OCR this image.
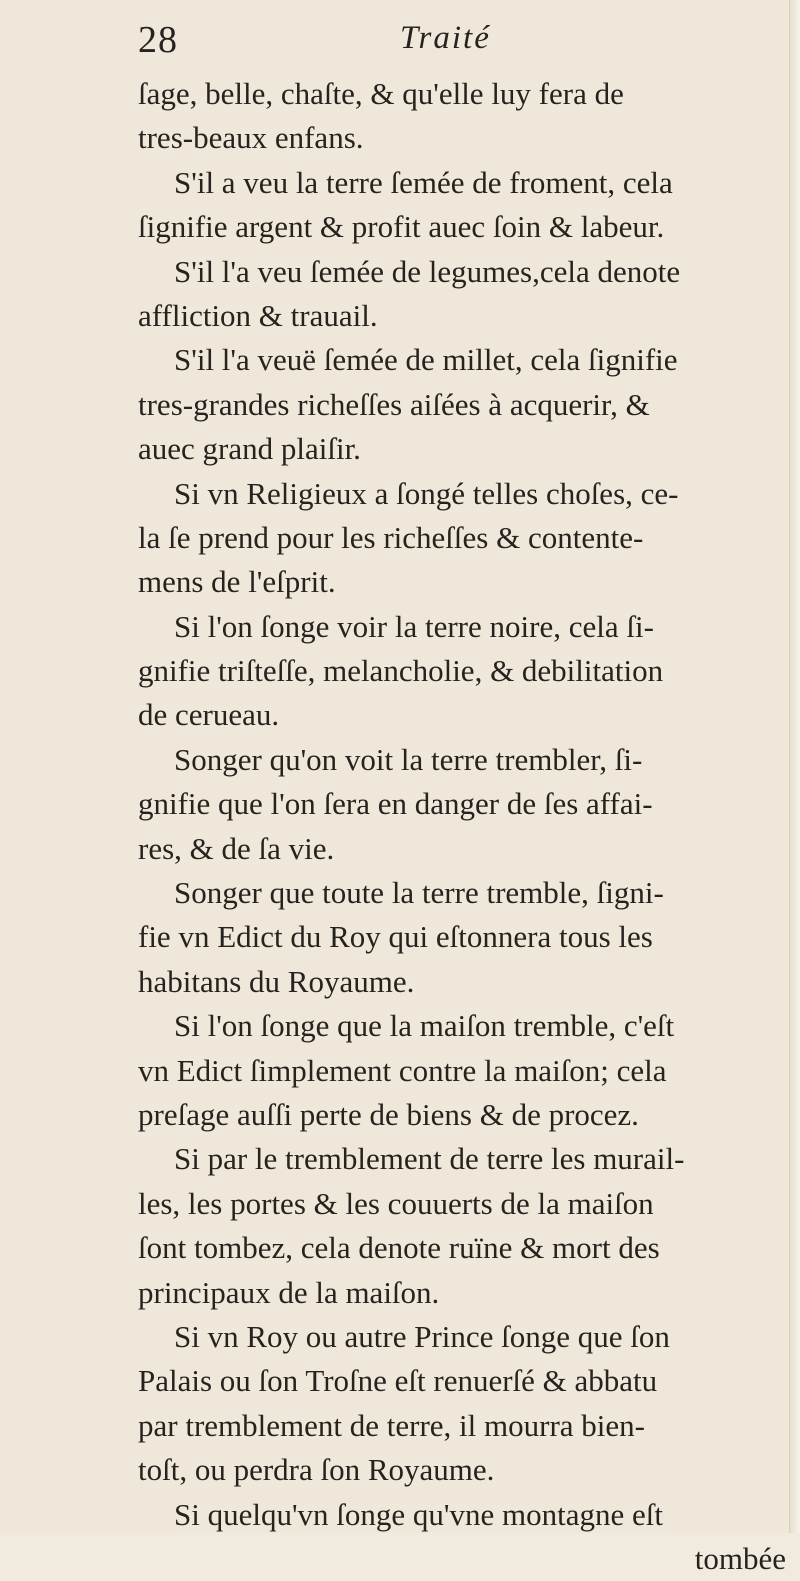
28	Traité
ſage, belle, chaſte, & qu'elle luy fera de
tres-beaux enfans.
S'il a veu la terre ſemée de froment, cela
ſignifie argent & profit auec ſoin & labeur.
S'il l'a veu ſemée de legumes,cela denote
affliction & trauail.
S'il l'a veuë ſemée de millet, cela ſignifie
tres-grandes richeſſes aiſées à acquerir, &
auec grand plaiſir.
Si vn Religieux a ſongé telles choſes, ce-
la ſe prend pour les richeſſes & contente-
mens de l'eſprit.
Si l'on ſonge voir la terre noire, cela ſi-
gnifie triſteſſe, melancholie, & debilitation
de cerueau.
Songer qu'on voit la terre trembler, ſi-
gnifie que l'on ſera en danger de ſes affai-
res, & de ſa vie.
Songer que toute la terre tremble, ſigni-
fie vn Edict du Roy qui eſtonnera tous les
habitans du Royaume.
Si l'on ſonge que la maiſon tremble, c'eſt
vn Edict ſimplement contre la maiſon; cela
preſage auſſi perte de biens & de procez.
Si par le tremblement de terre les murail-
les, les portes & les couuerts de la maiſon
ſont tombez, cela denote ruïne & mort des
principaux de la maiſon.
Si vn Roy ou autre Prince ſonge que ſon
Palais ou ſon Troſne eſt renuerſé & abbatu
par tremblement de terre, il mourra bien-
toſt, ou perdra ſon Royaume.
Si quelqu'vn ſonge qu'vne montagne eſt
tombée
